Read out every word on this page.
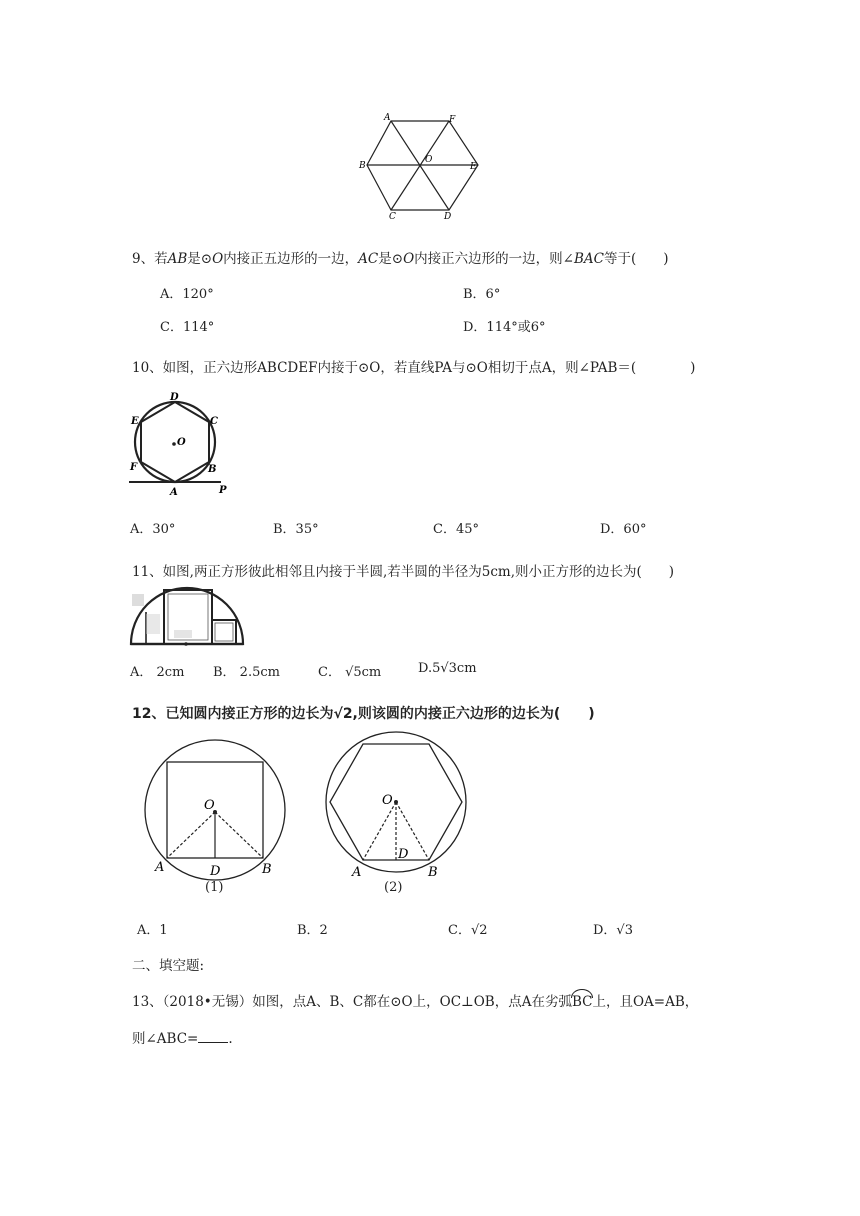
A	F
B
O
E
C	D
9、若AB是⊙O内接正五边形的一边，AC是⊙O内接正六边形的一边，则∠BAC等于(　　)
A．120°	B．6°
C．114°	D．114°或6°
10、如图，正六边形ABCDEF内接于⊙O，若直线PA与⊙O相切于点A，则∠PAB＝(　　　　)
D
C
E
O
F	B
A	P
A．30°	B．35°	C．45°	D．60°
11、如图,两正方形彼此相邻且内接于半圆,若半圆的半径为5cm,则小正方形的边长为(　　)
A． 2cm B． 2.5cm	C． √5cm	D.5√3cm
12、已知圆内接正方形的边长为√2,则该圆的内接正六边形的边长为(　　)
O
A	D	B
(1)
O
A
D
B
(2)
A．1	B．2	C．√2	D．√3
二、填空题:
13、（2018•无锡）如图，点A、B、C都在⊙O上，OC⊥OB，点A在劣弧BC上，且OA=AB，
则∠ABC= .
